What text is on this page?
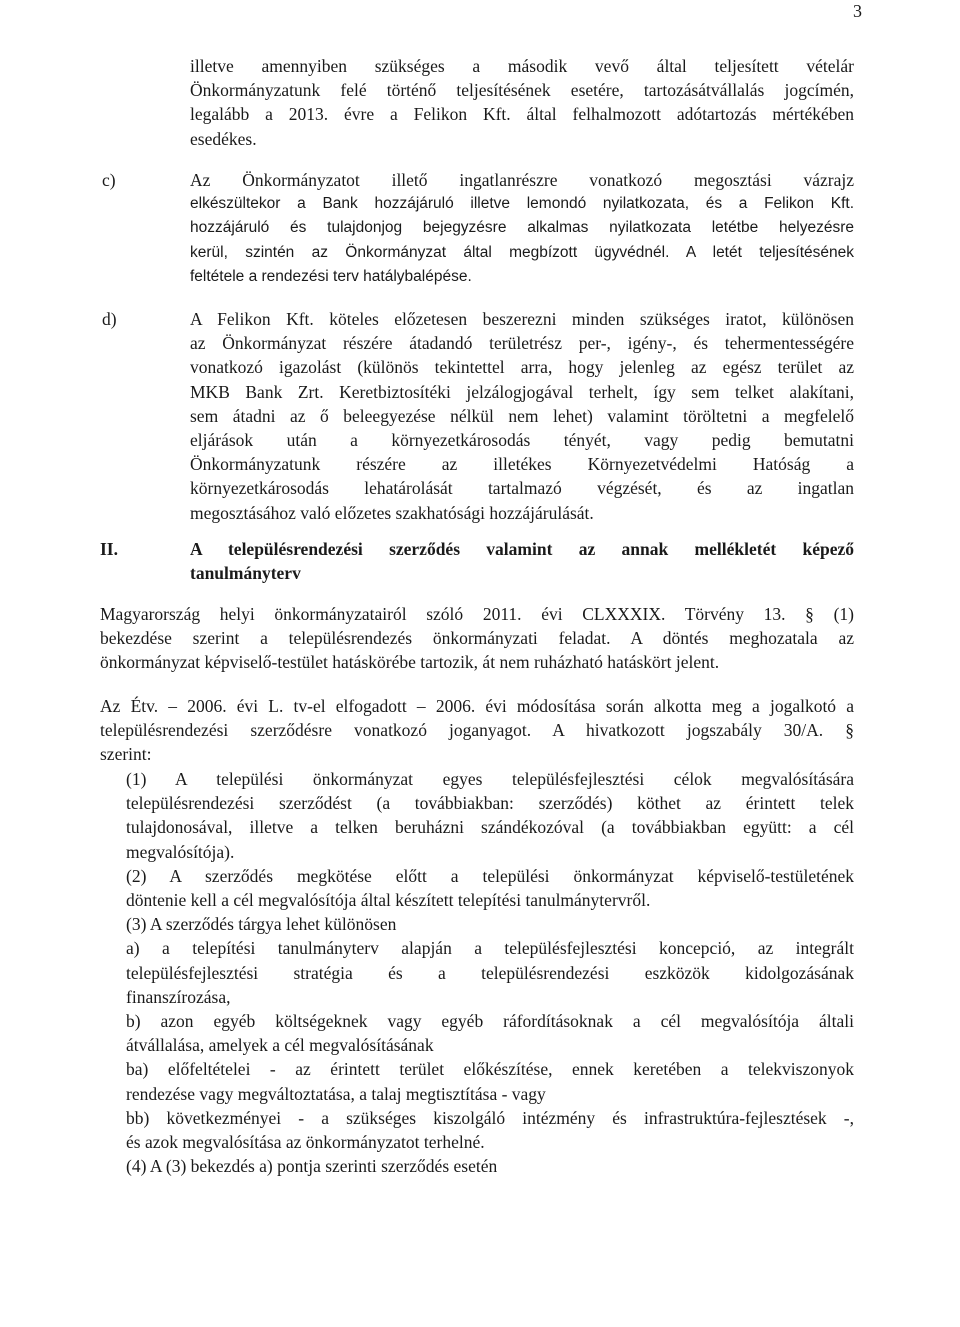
3
illetve amennyiben szükséges a második vevő által teljesített vételár
Önkormányzatunk felé történő teljesítésének esetére, tartozásátvállalás jogcímén,
legalább a 2013. évre a Felikon Kft. által felhalmozott adótartozás mértékében
esedékes.
c)	Az Önkormányzatot illető ingatlanrészre vonatkozó megosztási vázrajz
elkészültekor a Bank hozzájáruló illetve lemondó nyilatkozata, és a Felikon Kft.
hozzájáruló és tulajdonjog bejegyzésre alkalmas nyilatkozata letétbe helyezésre
kerül, szintén az Önkormányzat által megbízott ügyvédnél. A letét teljesítésének
feltétele a rendezési terv hatálybalépése.
d)	A Felikon Kft. köteles előzetesen beszerezni minden szükséges iratot, különösen
az Önkormányzat részére átadandó területrész per-, igény-, és tehermentességére
vonatkozó igazolást (különös tekintettel arra, hogy jelenleg az egész terület az
MKB Bank Zrt. Keretbiztosítéki jelzálogjogával terhelt, így sem telket alakítani,
sem átadni az ő beleegyezése nélkül nem lehet) valamint töröltetni a megfelelő
eljárások után a környezetkárosodás tényét, vagy pedig bemutatni
Önkormányzatunk részére az illetékes Környezetvédelmi Hatóság a
környezetkárosodás lehatárolását tartalmazó végzését, és az ingatlan
megosztásához való előzetes szakhatósági hozzájárulását.
II.	A településrendezési szerződés valamint az annak mellékletét képező
tanulmányterv
Magyarország helyi önkormányzatairól szóló 2011. évi CLXXXIX. Törvény 13. § (1)
bekezdése szerint a településrendezés önkormányzati feladat. A döntés meghozatala az
önkormányzat képviselő-testület hatáskörébe tartozik, át nem ruházható hatáskört jelent.
Az Étv. – 2006. évi L. tv-el elfogadott – 2006. évi módosítása során alkotta meg a jogalkotó a
településrendezési szerződésre vonatkozó joganyagot. A hivatkozott jogszabály 30/A. §
szerint:
(1) A települési önkormányzat egyes településfejlesztési célok megvalósítására
településrendezési szerződést (a továbbiakban: szerződés) köthet az érintett telek
tulajdonosával, illetve a telken beruházni szándékozóval (a továbbiakban együtt: a cél
megvalósítója).
(2) A szerződés megkötése előtt a települési önkormányzat képviselő-testületének
döntenie kell a cél megvalósítója által készített telepítési tanulmánytervről.
(3) A szerződés tárgya lehet különösen
a) a telepítési tanulmányterv alapján a településfejlesztési koncepció, az integrált
településfejlesztési stratégia és a településrendezési eszközök kidolgozásának
finanszírozása,
b) azon egyéb költségeknek vagy egyéb ráfordításoknak a cél megvalósítója általi
átvállalása, amelyek a cél megvalósításának
ba) előfeltételei - az érintett terület előkészítése, ennek keretében a telekviszonyok
rendezése vagy megváltoztatása, a talaj megtisztítása - vagy
bb) következményei - a szükséges kiszolgáló intézmény és infrastruktúra-fejlesztések -,
és azok megvalósítása az önkormányzatot terhelné.
(4) A (3) bekezdés a) pontja szerinti szerződés esetén
